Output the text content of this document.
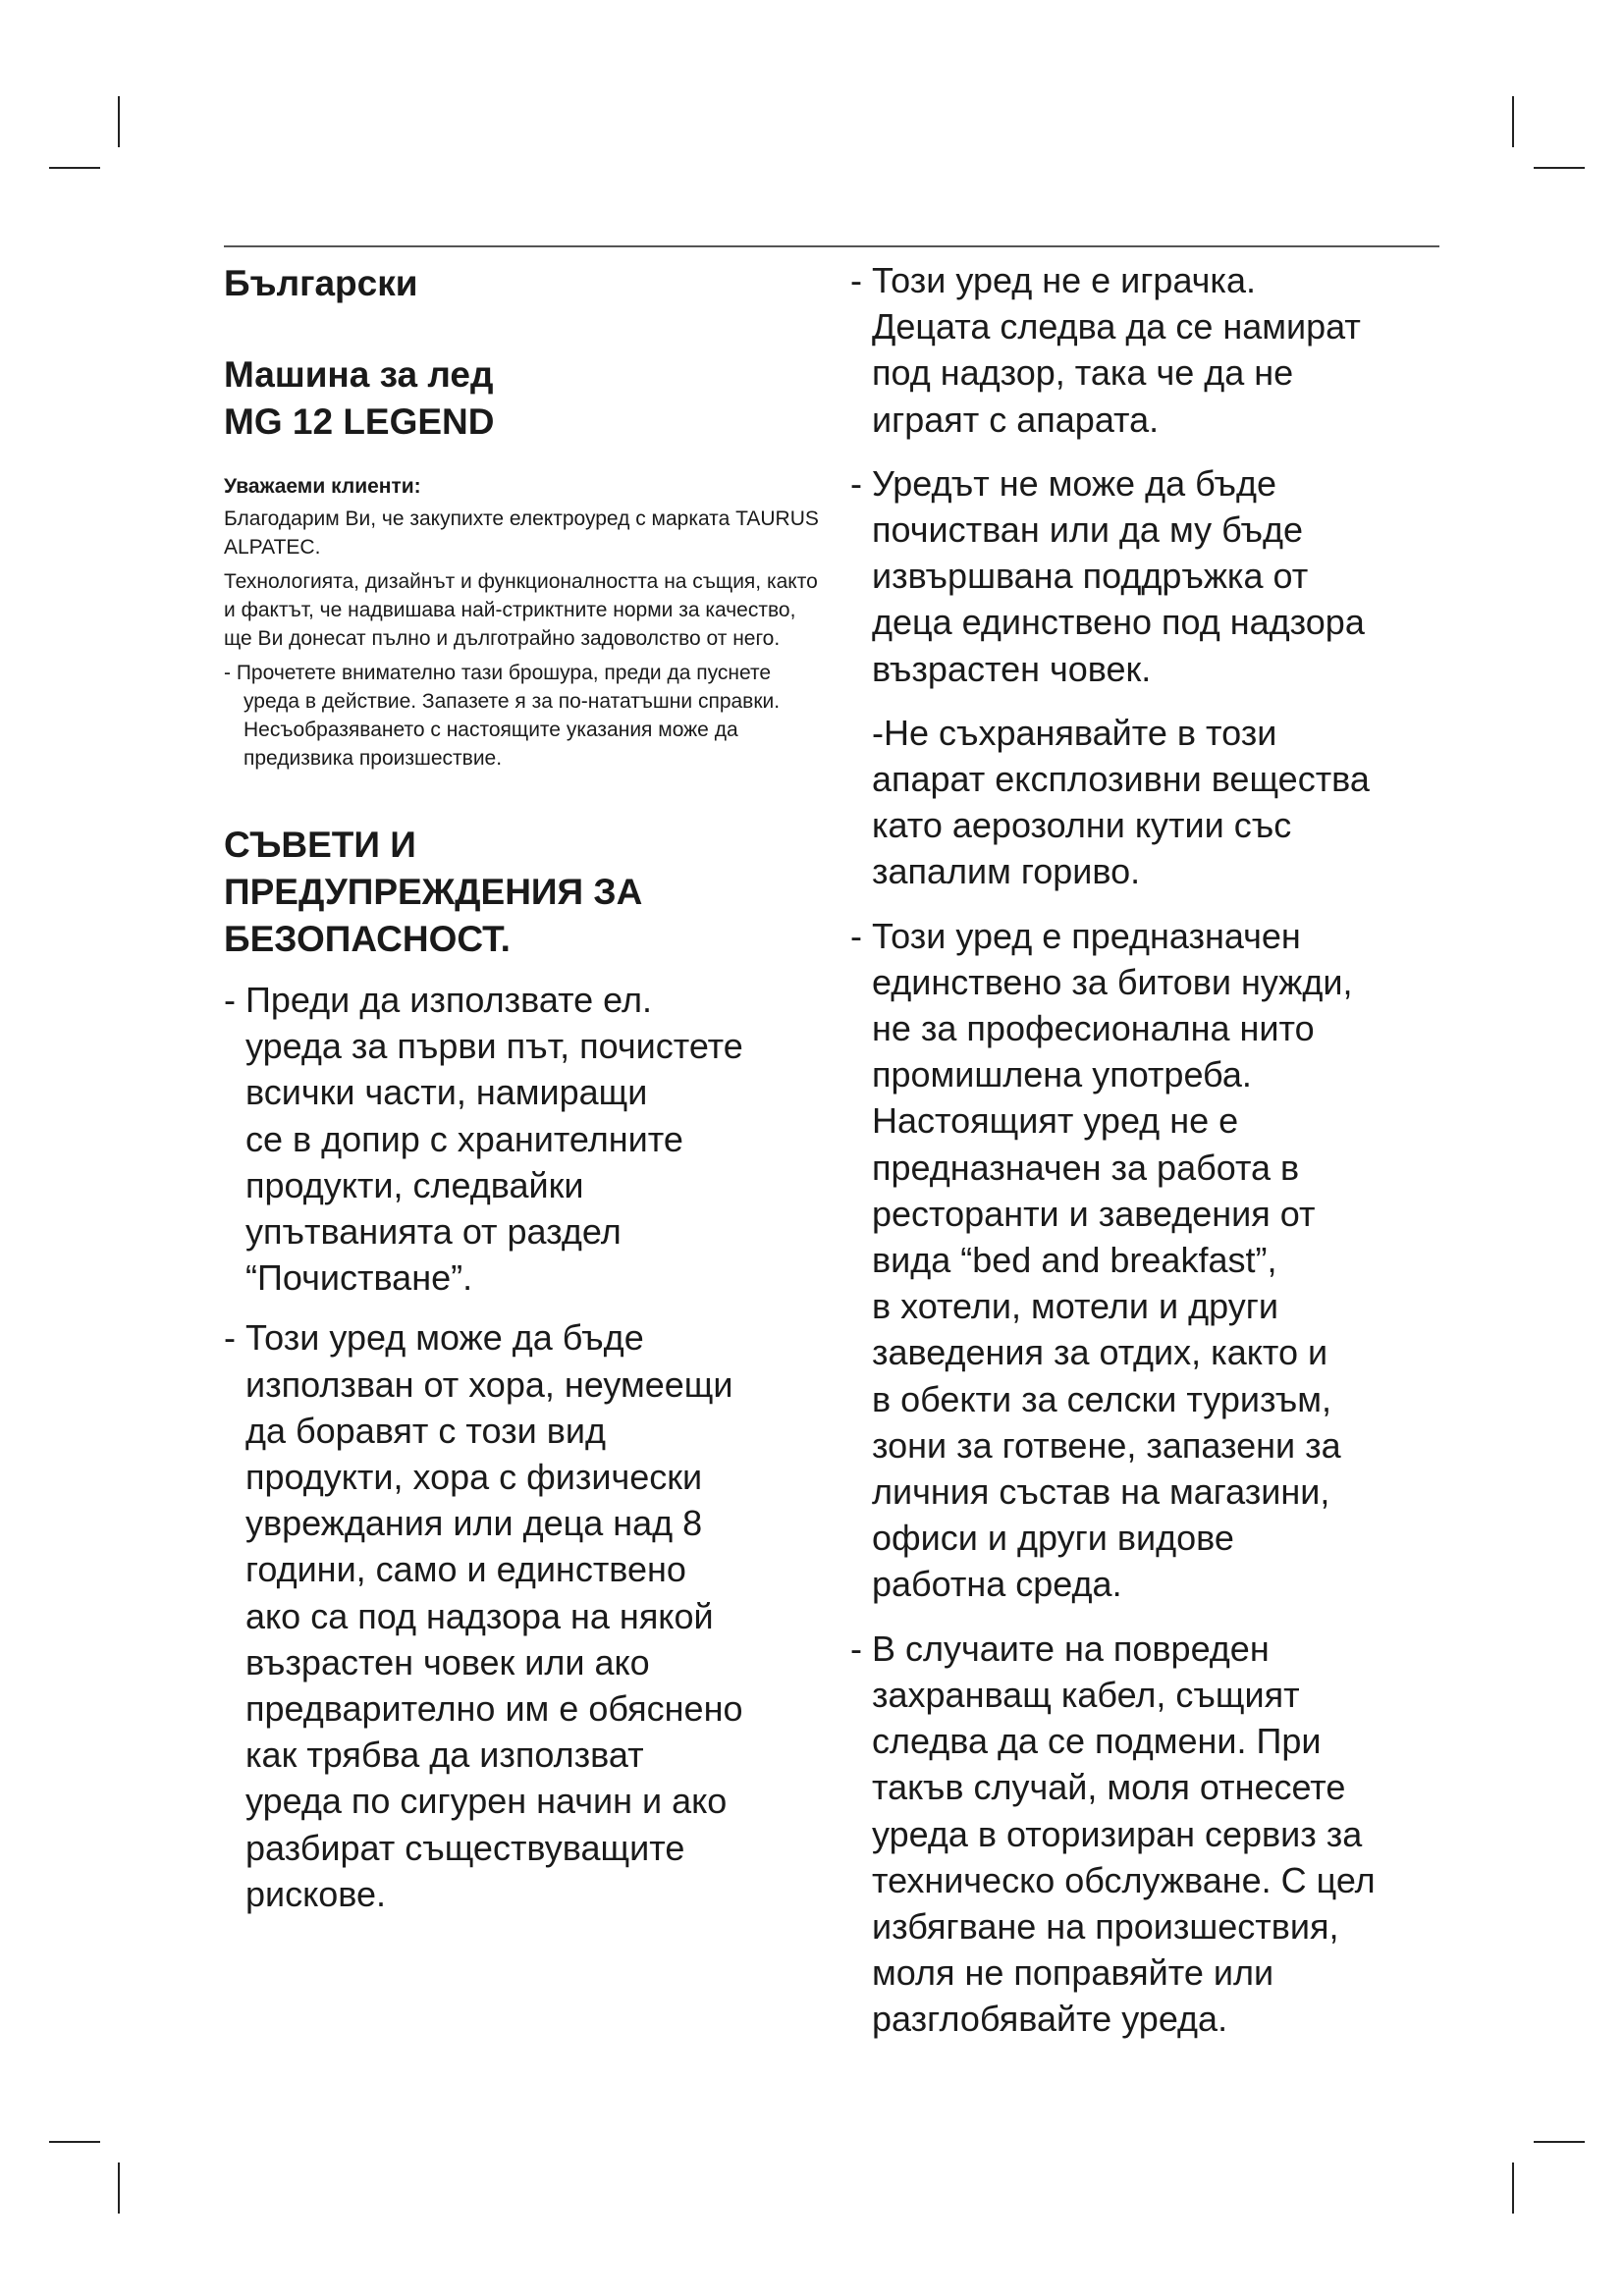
Български
Машина за лед
MG 12 LEGEND
Уважаеми клиенти:
Благодарим Ви, че закупихте електроуред с марката TAURUS ALPATEC.
Технологията, дизайнът и функционалността на същия, както и фактът, че надвишава най-стриктните норми за качество, ще Ви донесат пълно и дълготрайно задоволство от него.
- Прочетете внимателно тази брошура, преди да пуснете уреда в действие. Запазете я за по-нататъшни справки. Несъобразяването с настоящите указания може да предизвика произшествие.
СЪВЕТИ И
ПРЕДУПРЕЖДЕНИЯ ЗА
БЕЗОПАСНОСТ.
- Преди да използвате ел.
уреда за първи път, почистете
всички части, намиращи
се в допир с хранителните
продукти, следвайки
упътванията от раздел
“Почистване”.
- Този уред може да бъде
използван от хора, неумеещи
да боравят с този вид
продукти, хора с физически
увреждания или деца над 8
години, само и единствено
ако са под надзора на някой
възрастен човек или ако
предварително им е обяснено
как трябва да използват
уреда по сигурен начин и ако
разбират съществуващите
рискове.
- Този уред не е играчка.
Децата следва да се намират
под надзор, така че да не
играят с апарата.
- Уредът не може да бъде
почистван или да му бъде
извършвана поддръжка от
деца единствено под надзора
възрастен човек.
-Не съхранявайте в този
апарат експлозивни вещества
като аерозолни кутии със
запалим гориво.
- Този уред е предназначен
единствено за битови нужди,
не за професионална нито
промишлена употреба.
Настоящият уред не е
предназначен за работа в
ресторанти и заведения от
вида “bed and breakfast”,
в хотели, мотели и други
заведения за отдих, както и
в обекти за селски туризъм,
зони за готвене, запазени за
личния състав на магазини,
офиси и други видове
работна среда.
- В случаите на повреден
захранващ кабел, същият
следва да се подмени. При
такъв случай, моля отнесете
уреда в оторизиран сервиз за
техническо обслужване. С цел
избягване на произшествия,
моля не поправяйте или
разглобявайте уреда.
